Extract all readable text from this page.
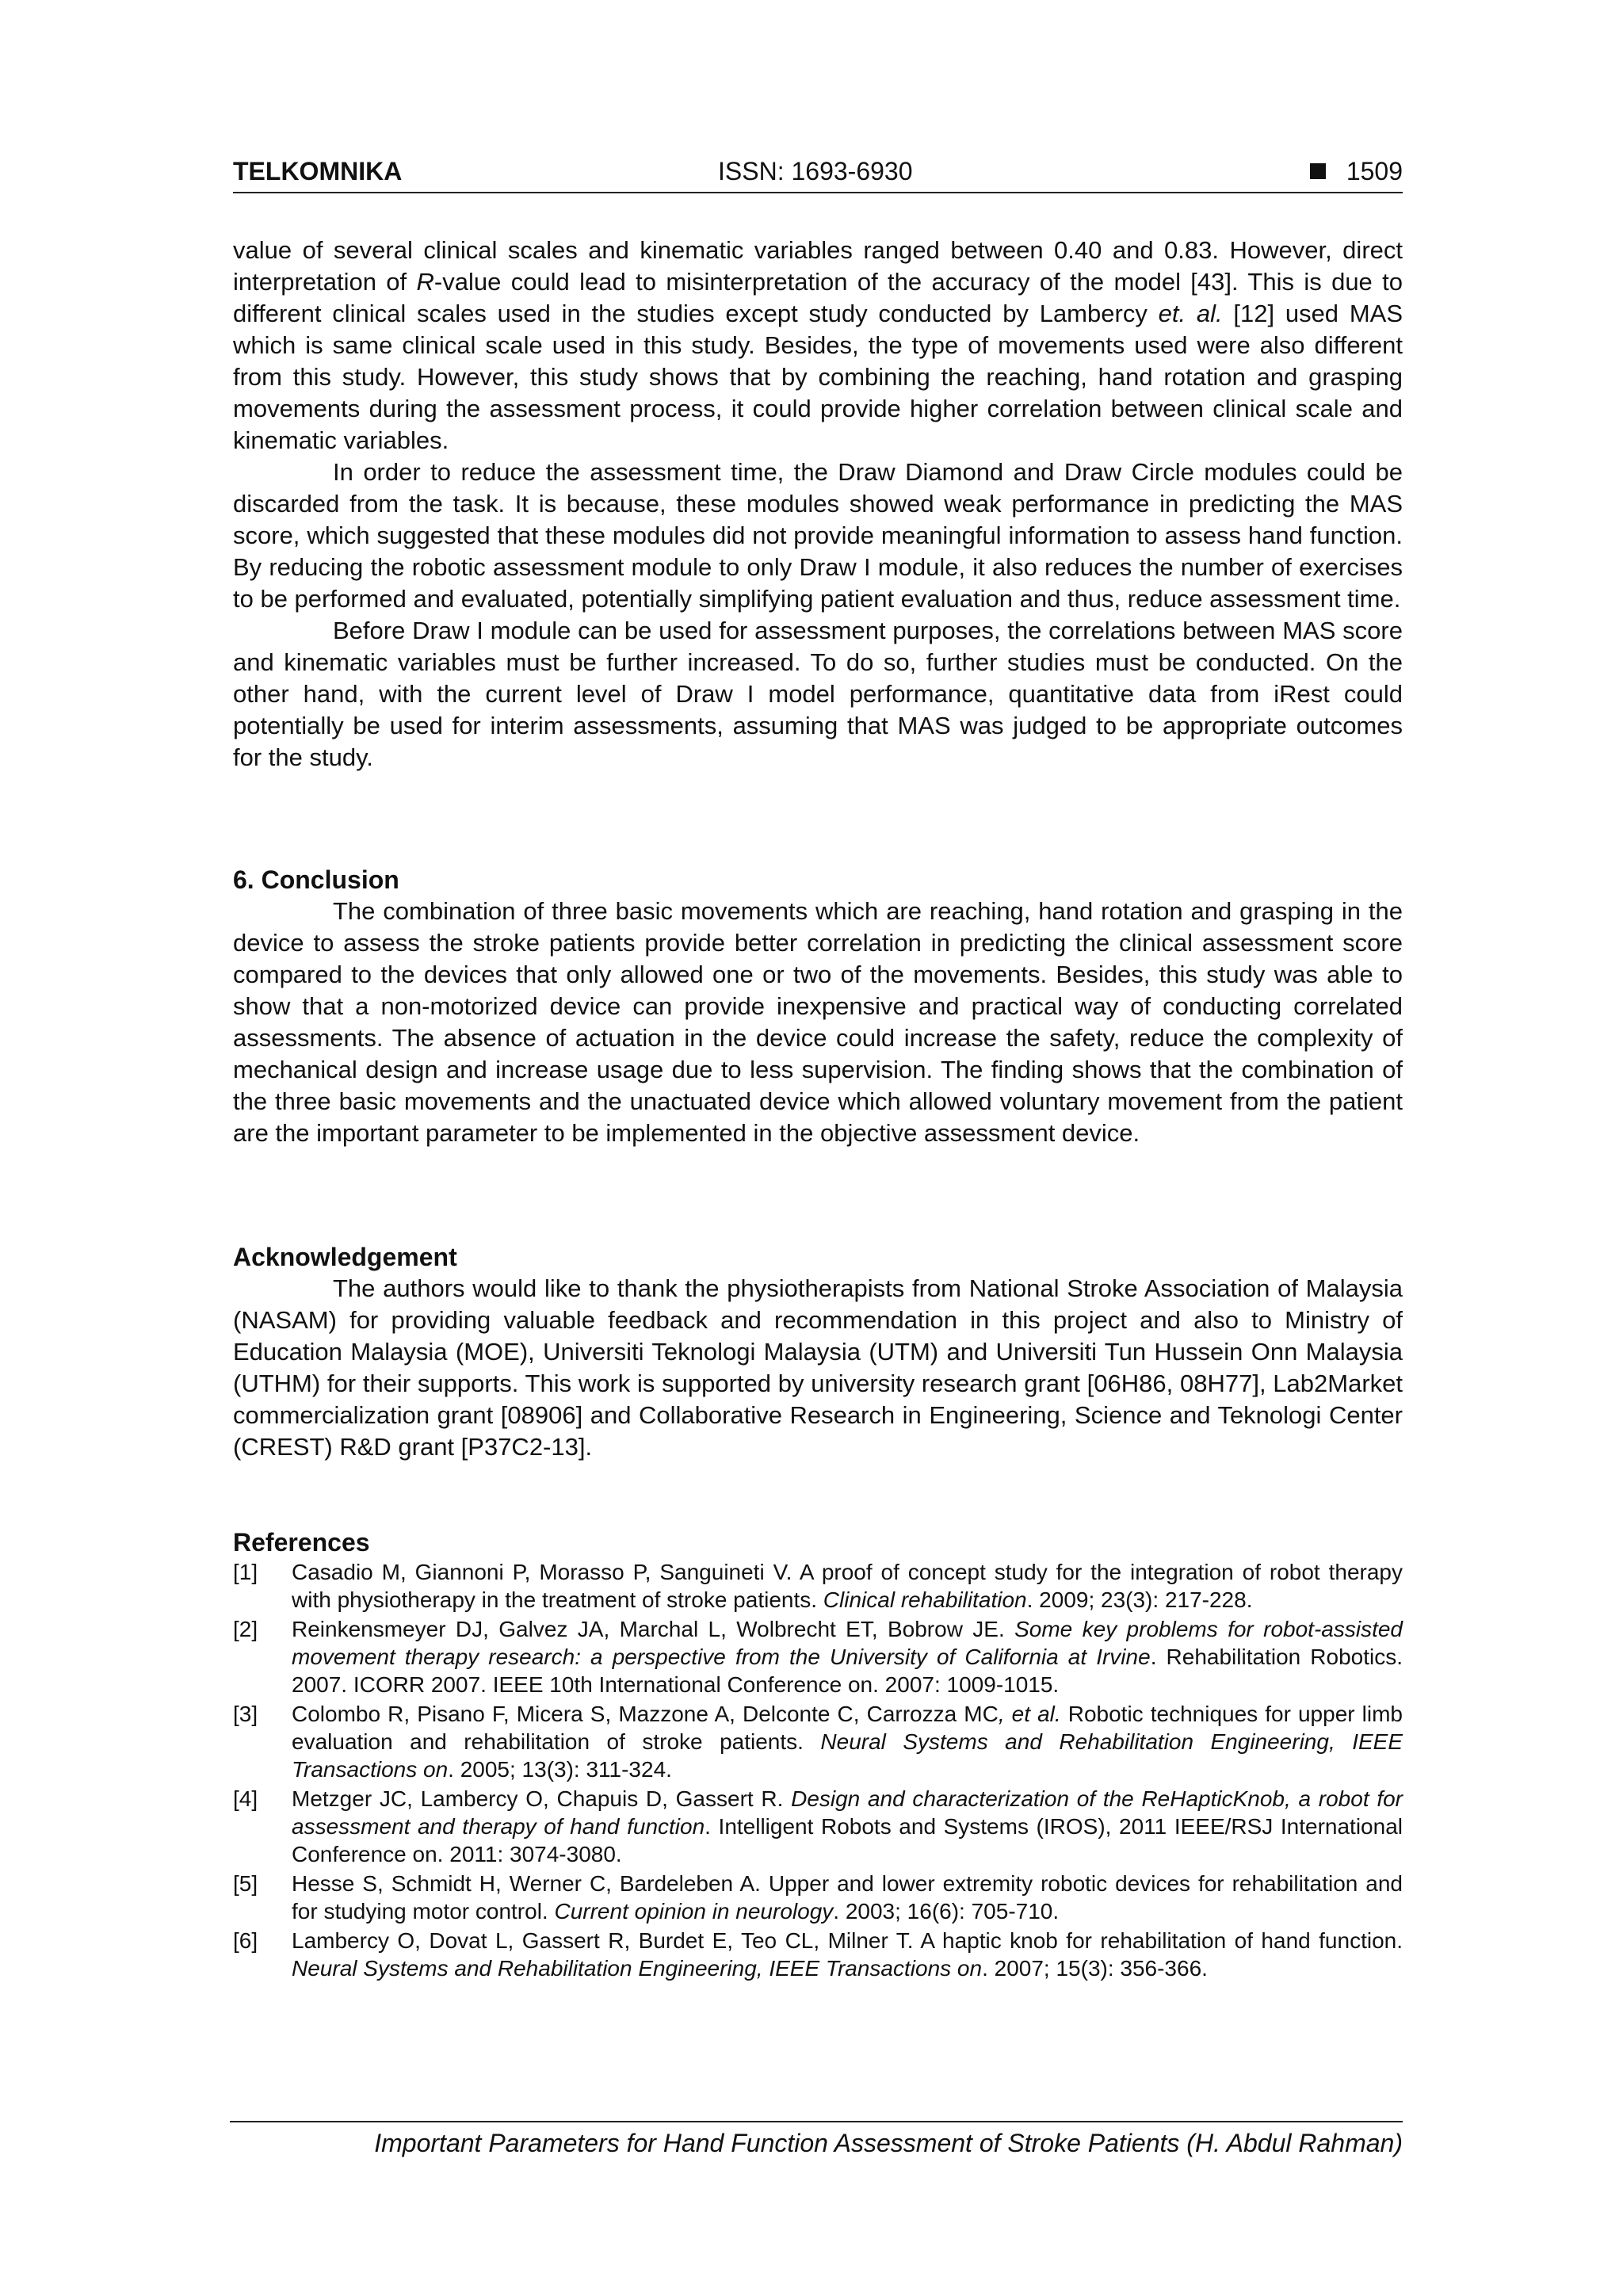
TELKOMNIKA	ISSN: 1693-6930	1509

value of several clinical scales and kinematic variables ranged between 0.40 and 0.83. However, direct interpretation of R-value could lead to misinterpretation of the accuracy of the model [43]. This is due to different clinical scales used in the studies except study conducted by Lambercy et. al. [12] used MAS which is same clinical scale used in this study. Besides, the type of movements used were also different from this study. However, this study shows that by combining the reaching, hand rotation and grasping movements during the assessment process, it could provide higher correlation between clinical scale and kinematic variables.

In order to reduce the assessment time, the Draw Diamond and Draw Circle modules could be discarded from the task. It is because, these modules showed weak performance in predicting the MAS score, which suggested that these modules did not provide meaningful information to assess hand function. By reducing the robotic assessment module to only Draw I module, it also reduces the number of exercises to be performed and evaluated, potentially simplifying patient evaluation and thus, reduce assessment time.

Before Draw I module can be used for assessment purposes, the correlations between MAS score and kinematic variables must be further increased. To do so, further studies must be conducted. On the other hand, with the current level of Draw I model performance, quantitative data from iRest could potentially be used for interim assessments, assuming that MAS was judged to be appropriate outcomes for the study.

6. Conclusion

The combination of three basic movements which are reaching, hand rotation and grasping in the device to assess the stroke patients provide better correlation in predicting the clinical assessment score compared to the devices that only allowed one or two of the movements. Besides, this study was able to show that a non-motorized device can provide inexpensive and practical way of conducting correlated assessments. The absence of actuation in the device could increase the safety, reduce the complexity of mechanical design and increase usage due to less supervision. The finding shows that the combination of the three basic movements and the unactuated device which allowed voluntary movement from the patient are the important parameter to be implemented in the objective assessment device.

Acknowledgement

The authors would like to thank the physiotherapists from National Stroke Association of Malaysia (NASAM) for providing valuable feedback and recommendation in this project and also to Ministry of Education Malaysia (MOE), Universiti Teknologi Malaysia (UTM) and Universiti Tun Hussein Onn Malaysia (UTHM) for their supports. This work is supported by university research grant [06H86, 08H77], Lab2Market commercialization grant [08906] and Collaborative Research in Engineering, Science and Teknologi Center (CREST) R&D grant [P37C2-13].

References
[1]	Casadio M, Giannoni P, Morasso P, Sanguineti V. A proof of concept study for the integration of robot therapy with physiotherapy in the treatment of stroke patients. Clinical rehabilitation. 2009; 23(3): 217-228.
[2]	Reinkensmeyer DJ, Galvez JA, Marchal L, Wolbrecht ET, Bobrow JE. Some key problems for robot-assisted movement therapy research: a perspective from the University of California at Irvine. Rehabilitation Robotics. 2007. ICORR 2007. IEEE 10th International Conference on. 2007: 1009-1015.
[3]	Colombo R, Pisano F, Micera S, Mazzone A, Delconte C, Carrozza MC, et al. Robotic techniques for upper limb evaluation and rehabilitation of stroke patients. Neural Systems and Rehabilitation Engineering, IEEE Transactions on. 2005; 13(3): 311-324.
[4]	Metzger JC, Lambercy O, Chapuis D, Gassert R. Design and characterization of the ReHapticKnob, a robot for assessment and therapy of hand function. Intelligent Robots and Systems (IROS), 2011 IEEE/RSJ International Conference on. 2011: 3074-3080.
[5]	Hesse S, Schmidt H, Werner C, Bardeleben A. Upper and lower extremity robotic devices for rehabilitation and for studying motor control. Current opinion in neurology. 2003; 16(6): 705-710.
[6]	Lambercy O, Dovat L, Gassert R, Burdet E, Teo CL, Milner T. A haptic knob for rehabilitation of hand function. Neural Systems and Rehabilitation Engineering, IEEE Transactions on. 2007; 15(3): 356-366.
Important Parameters for Hand Function Assessment of Stroke Patients (H. Abdul Rahman)
